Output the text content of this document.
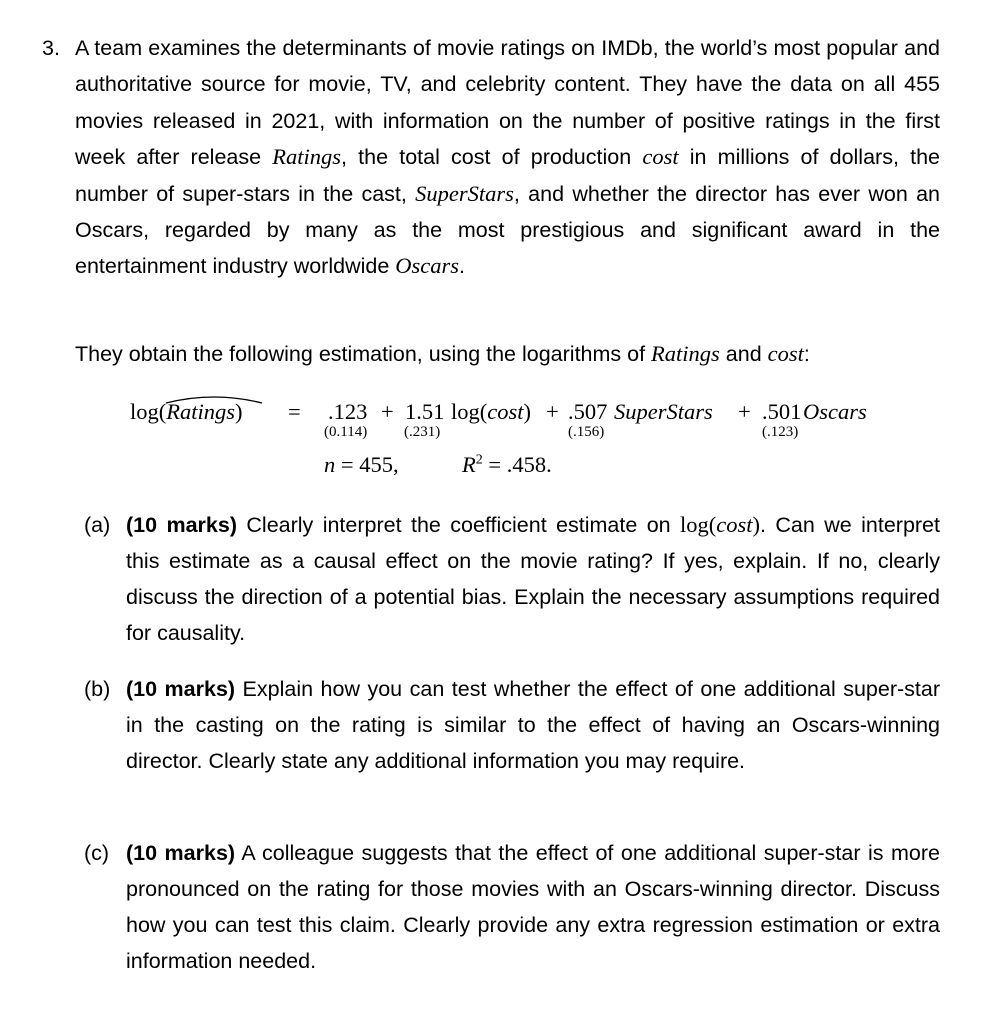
3. A team examines the determinants of movie ratings on IMDb, the world’s most popular and authoritative source for movie, TV, and celebrity content. They have the data on all 455 movies released in 2021, with information on the number of positive ratings in the first week after release Ratings, the total cost of production cost in millions of dollars, the number of super-stars in the cast, SuperStars, and whether the director has ever won an Oscars, regarded by many as the most prestigious and significant award in the entertainment industry worldwide Oscars.

They obtain the following estimation, using the logarithms of Ratings and cost:

log(Ratings) = .123
(0.114)
+ 1.51
(.231)
log(cost) + .507
(.156)
SuperStars + .501
(.123)
Oscars
n = 455,	$R^2 = .458$.
(a) (10 marks) Clearly interpret the coefficient estimate on log(cost). Can we interpret this estimate as a causal effect on the movie rating? If yes, explain. If no, clearly discuss the direction of a potential bias. Explain the necessary assumptions required for causality.

(b) (10 marks) Explain how you can test whether the effect of one additional super-star in the casting on the rating is similar to the effect of having an Oscars-winning director. Clearly state any additional information you may require.

(c) (10 marks) A colleague suggests that the effect of one additional super-star is more pronounced on the rating for those movies with an Oscars-winning director. Discuss how you can test this claim. Clearly provide any extra regression estimation or extra information needed.
